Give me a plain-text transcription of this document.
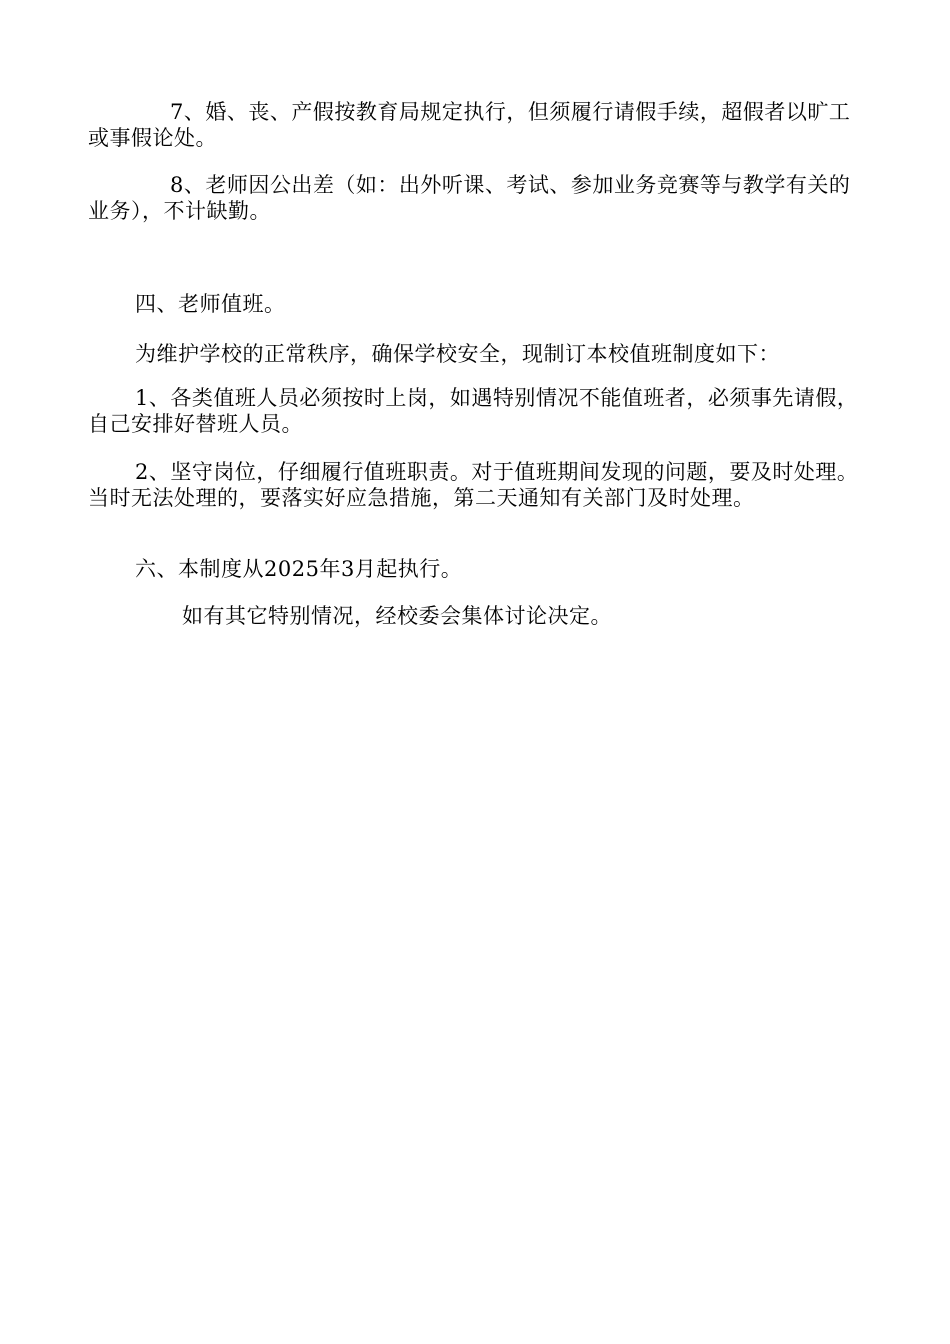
7、婚、丧、产假按教育局规定执行，但须履行请假手续，超假者以旷工或事假论处。

8、老师因公出差（如：出外听课、考试、参加业务竞赛等与教学有关的业务），不计缺勤。

四、老师值班。

为维护学校的正常秩序，确保学校安全，现制订本校值班制度如下：

1、各类值班人员必须按时上岗，如遇特别情况不能值班者，必须事先请假，自己安排好替班人员。

2、坚守岗位，仔细履行值班职责。对于值班期间发现的问题，要及时处理。当时无法处理的，要落实好应急措施，第二天通知有关部门及时处理。

六、本制度从2025年3月起执行。

如有其它特别情况，经校委会集体讨论决定。
